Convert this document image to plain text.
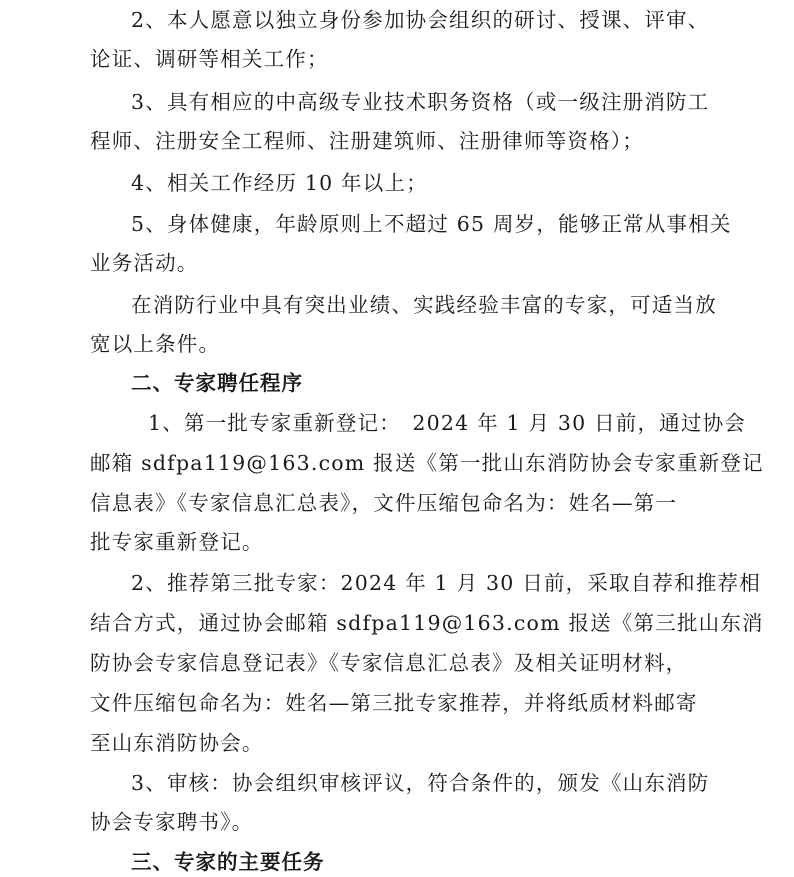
2、本人愿意以独立身份参加协会组织的研讨、授课、评审、
论证、调研等相关工作；
3、具有相应的中高级专业技术职务资格（或一级注册消防工
程师、注册安全工程师、注册建筑师、注册律师等资格）；
4、相关工作经历 10 年以上；
5、身体健康，年龄原则上不超过 65 周岁，能够正常从事相关
业务活动。
在消防行业中具有突出业绩、实践经验丰富的专家，可适当放
宽以上条件。
二、专家聘任程序
1、第一批专家重新登记：　2024 年 1 月 30 日前，通过协会
邮箱 sdfpa119@163.com 报送《第一批山东消防协会专家重新登记
信息表》《专家信息汇总表》，文件压缩包命名为：姓名—第一
批专家重新登记。
2、推荐第三批专家：2024 年 1 月 30 日前，采取自荐和推荐相
结合方式，通过协会邮箱 sdfpa119@163.com 报送《第三批山东消
防协会专家信息登记表》《专家信息汇总表》及相关证明材料，
文件压缩包命名为：姓名—第三批专家推荐，并将纸质材料邮寄
至山东消防协会。
3、审核：协会组织审核评议，符合条件的，颁发《山东消防
协会专家聘书》。
三、专家的主要任务
